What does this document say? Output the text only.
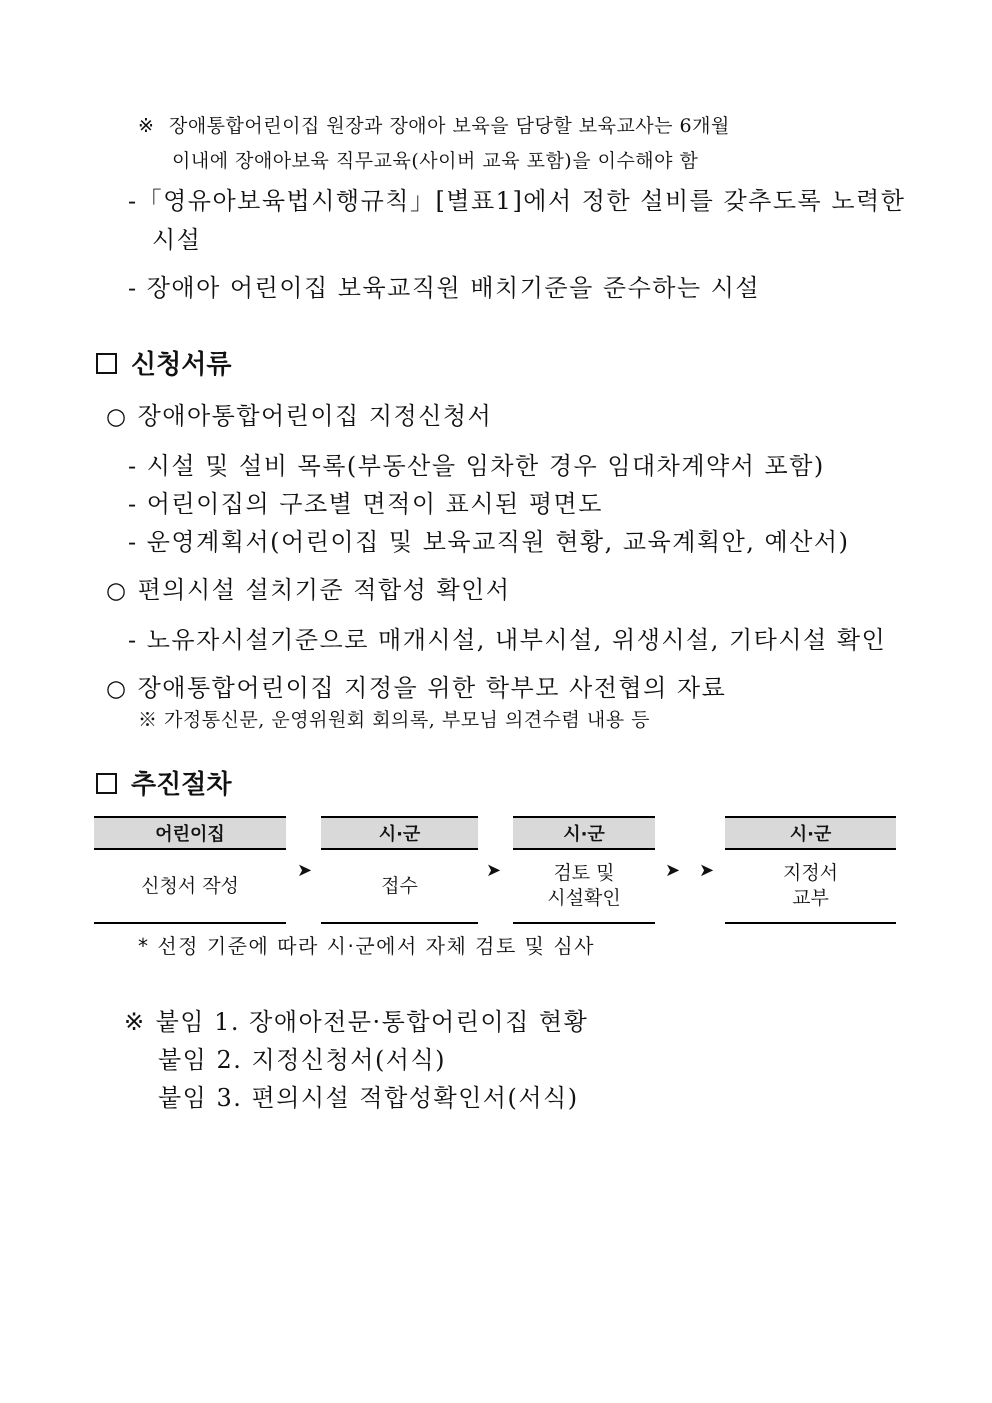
※ 장애통합어린이집 원장과 장애아 보육을 담당할 보육교사는 6개월
이내에 장애아보육 직무교육(사이버 교육 포함)을 이수해야 함
-「영유아보육법시행규칙」[별표1]에서 정한 설비를 갖추도록 노력한
시설
- 장애아 어린이집 보육교직원 배치기준을 준수하는 시설
신청서류
○ 장애아통합어린이집 지정신청서
- 시설 및 설비 목록(부동산을 임차한 경우 임대차계약서 포함)
- 어린이집의 구조별 면적이 표시된 평면도
- 운영계획서(어린이집 및 보육교직원 현황, 교육계획안, 예산서)
○ 편의시설 설치기준 적합성 확인서
- 노유자시설기준으로 매개시설, 내부시설, 위생시설, 기타시설 확인
○ 장애통합어린이집 지정을 위한 학부모 사전협의 자료
※ 가정통신문, 운영위원회 회의록, 부모님 의견수렴 내용 등
추진절차
어린이집
신청서 작성
➤
시·군
접수
➤
시·군
검토 및
시설확인
➤ ➤
시·군
지정서
교부
* 선정 기준에 따라 시·군에서 자체 검토 및 심사
※ 붙임 1. 장애아전문·통합어린이집 현황
붙임 2. 지정신청서(서식)
붙임 3. 편의시설 적합성확인서(서식)
